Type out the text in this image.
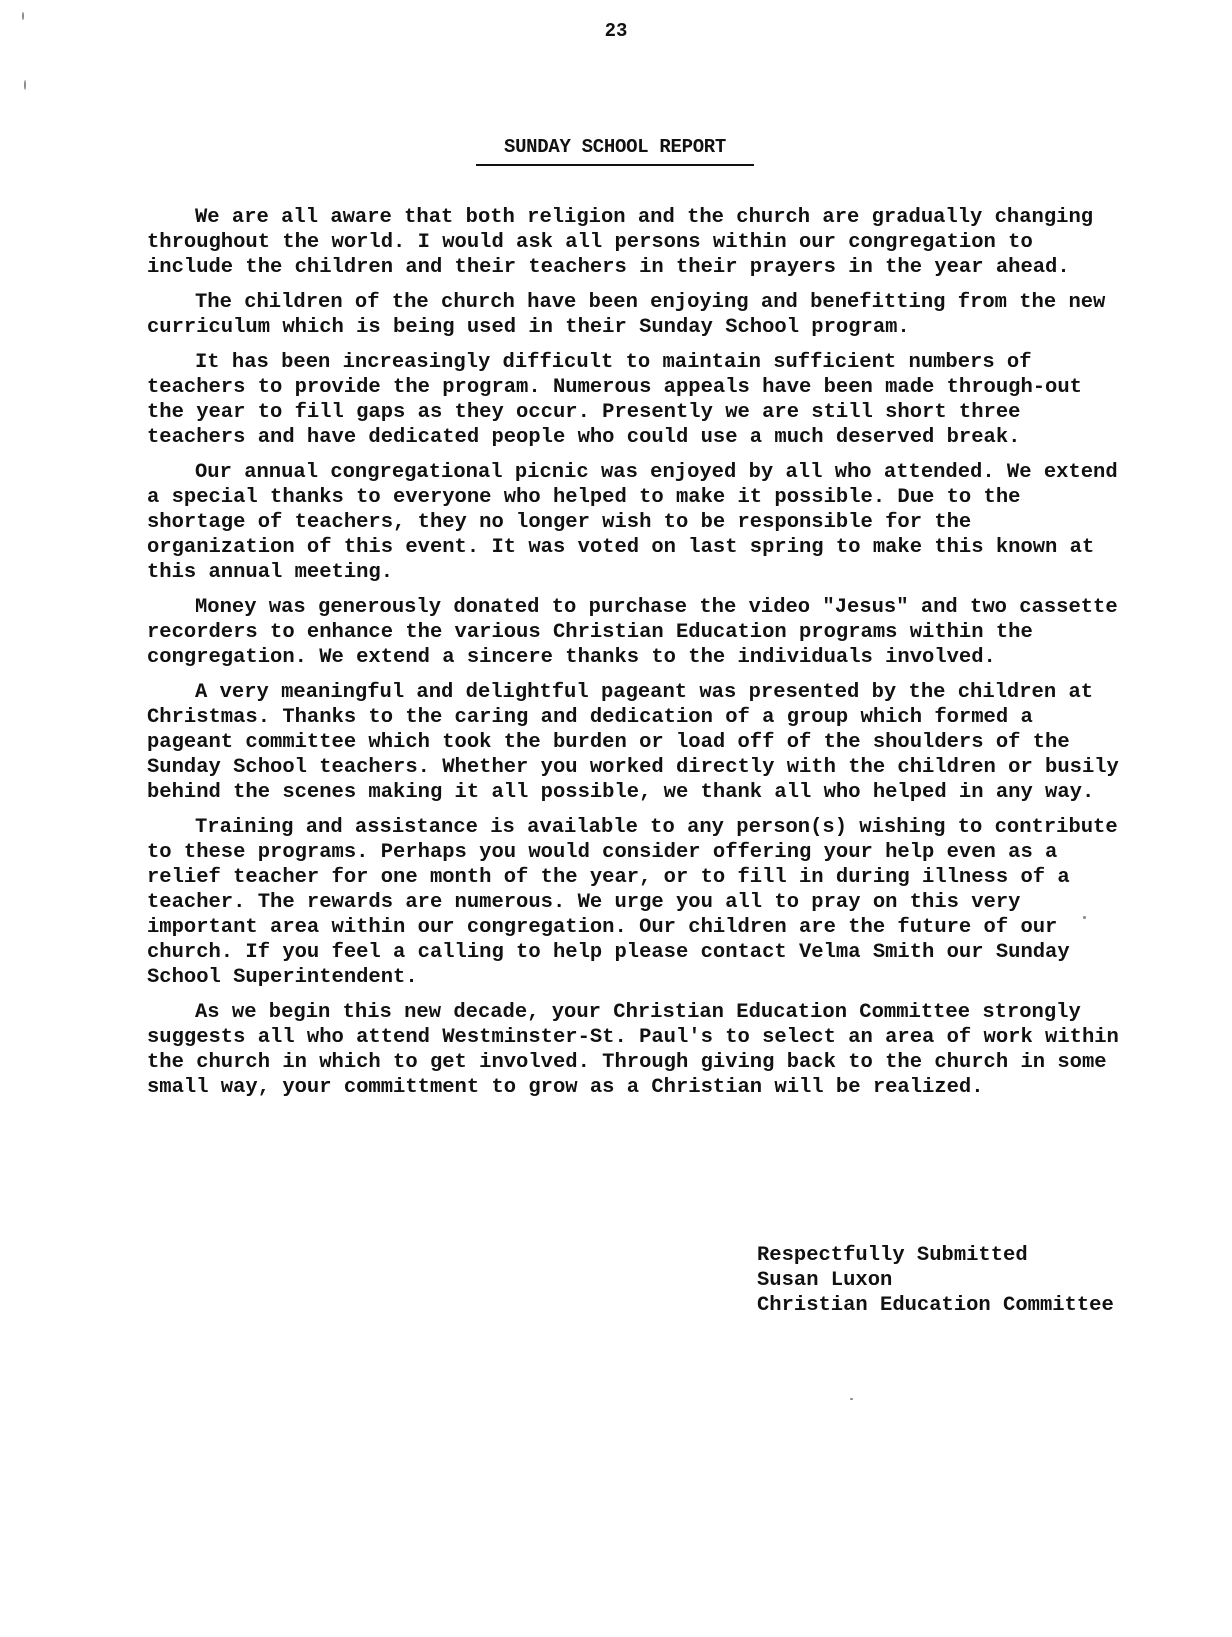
23
SUNDAY SCHOOL REPORT

We are all aware that both religion and the church are gradually changing throughout the world. I would ask all persons within our congregation to include the children and their teachers in their prayers in the year ahead.

The children of the church have been enjoying and benefitting from the new curriculum which is being used in their Sunday School program.

It has been increasingly difficult to maintain sufficient numbers of teachers to provide the program. Numerous appeals have been made through-out the year to fill gaps as they occur. Presently we are still short three teachers and have dedicated people who could use a much deserved break.

Our annual congregational picnic was enjoyed by all who attended. We extend a special thanks to everyone who helped to make it possible. Due to the shortage of teachers, they no longer wish to be responsible for the organization of this event. It was voted on last spring to make this known at this annual meeting.

Money was generously donated to purchase the video "Jesus" and two cassette recorders to enhance the various Christian Education programs within the congregation. We extend a sincere thanks to the individuals involved.

A very meaningful and delightful pageant was presented by the children at Christmas. Thanks to the caring and dedication of a group which formed a pageant committee which took the burden or load off of the shoulders of the Sunday School teachers. Whether you worked directly with the children or busily behind the scenes making it all possible, we thank all who helped in any way.

Training and assistance is available to any person(s) wishing to contribute to these programs. Perhaps you would consider offering your help even as a relief teacher for one month of the year, or to fill in during illness of a teacher. The rewards are numerous. We urge you all to pray on this very important area within our congregation. Our children are the future of our church. If you feel a calling to help please contact Velma Smith our Sunday School Superintendent.

As we begin this new decade, your Christian Education Committee strongly suggests all who attend Westminster-St. Paul's to select an area of work within the church in which to get involved. Through giving back to the church in some small way, your committment to grow as a Christian will be realized.

Respectfully Submitted
Susan Luxon
Christian Education Committee
